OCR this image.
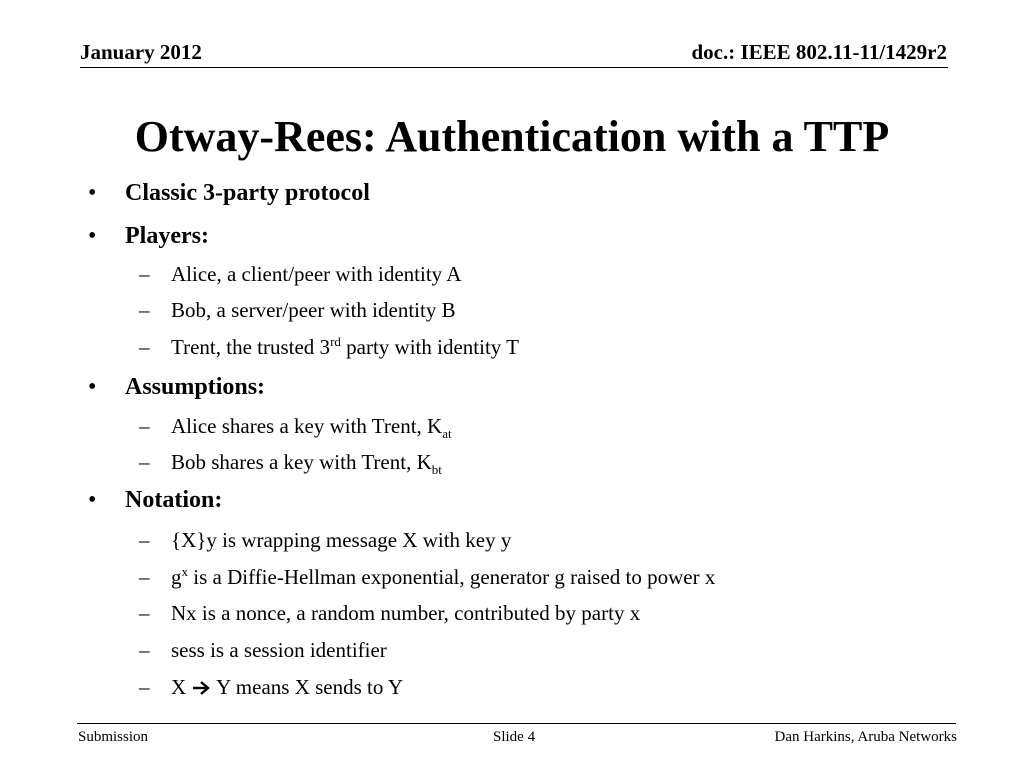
January 2012	doc.: IEEE 802.11-11/1429r2
Otway-Rees: Authentication with a TTP
• Classic 3-party protocol
• Players:
– Alice, a client/peer with identity A
– Bob, a server/peer with identity B
– Trent, the trusted 3rd party with identity T
• Assumptions:
– Alice shares a key with Trent, $K_{at}$
– Bob shares a key with Trent, $K_{bt}$
• Notation:
– {X}y is wrapping message X with key y
– $g^x$ is a Diffie-Hellman exponential, generator g raised to power x
– Nx is a nonce, a random number, contributed by party x
– sess is a session identifier
– X Y means X sends to Y
Submission	Slide 4	Dan Harkins, Aruba Networks
